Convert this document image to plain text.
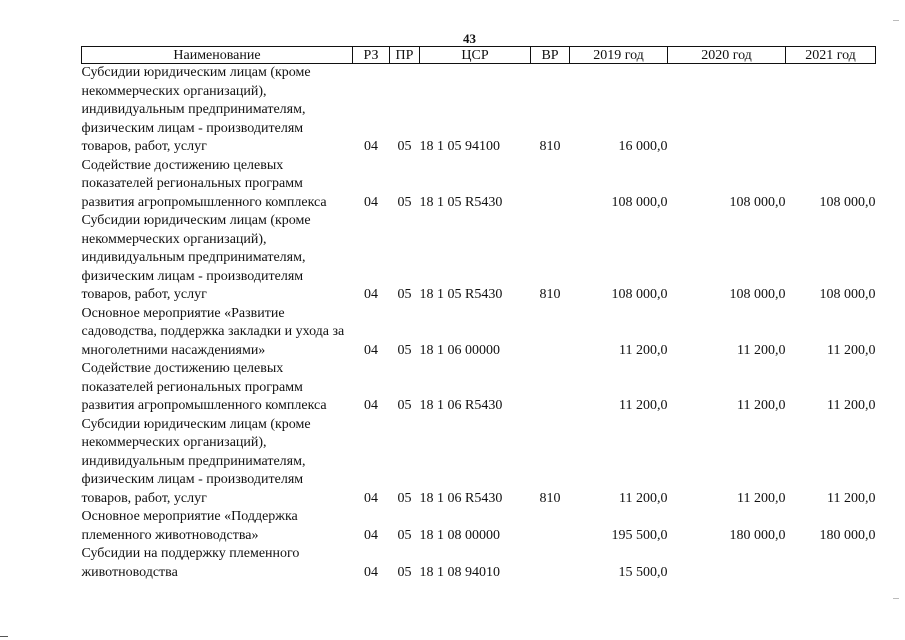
43
Наименование	РЗ	ПР	ЦСР	ВР	2019 год	2020 год	2021 год
Субсидии юридическим лицам (кроме некоммерческих организаций), индивидуальным предпринимателям, физическим лицам - производителям товаров, работ, услуг	04	05	18 1 05 94100	810	16 000,0		
Содействие достижению целевых показателей региональных программ развития агропромышленного комплекса	04	05	18 1 05 R5430		108 000,0	108 000,0	108 000,0
Субсидии юридическим лицам (кроме некоммерческих организаций), индивидуальным предпринимателям, физическим лицам - производителям товаров, работ, услуг	04	05	18 1 05 R5430	810	108 000,0	108 000,0	108 000,0
Основное мероприятие «Развитие садоводства, поддержка закладки и ухода за многолетними насаждениями»	04	05	18 1 06 00000		11 200,0	11 200,0	11 200,0
Содействие достижению целевых показателей региональных программ развития агропромышленного комплекса	04	05	18 1 06 R5430		11 200,0	11 200,0	11 200,0
Субсидии юридическим лицам (кроме некоммерческих организаций), индивидуальным предпринимателям, физическим лицам - производителям товаров, работ, услуг	04	05	18 1 06 R5430	810	11 200,0	11 200,0	11 200,0
Основное мероприятие «Поддержка племенного животноводства»	04	05	18 1 08 00000		195 500,0	180 000,0	180 000,0
Субсидии на поддержку племенного животноводства	04	05	18 1 08 94010		15 500,0		
